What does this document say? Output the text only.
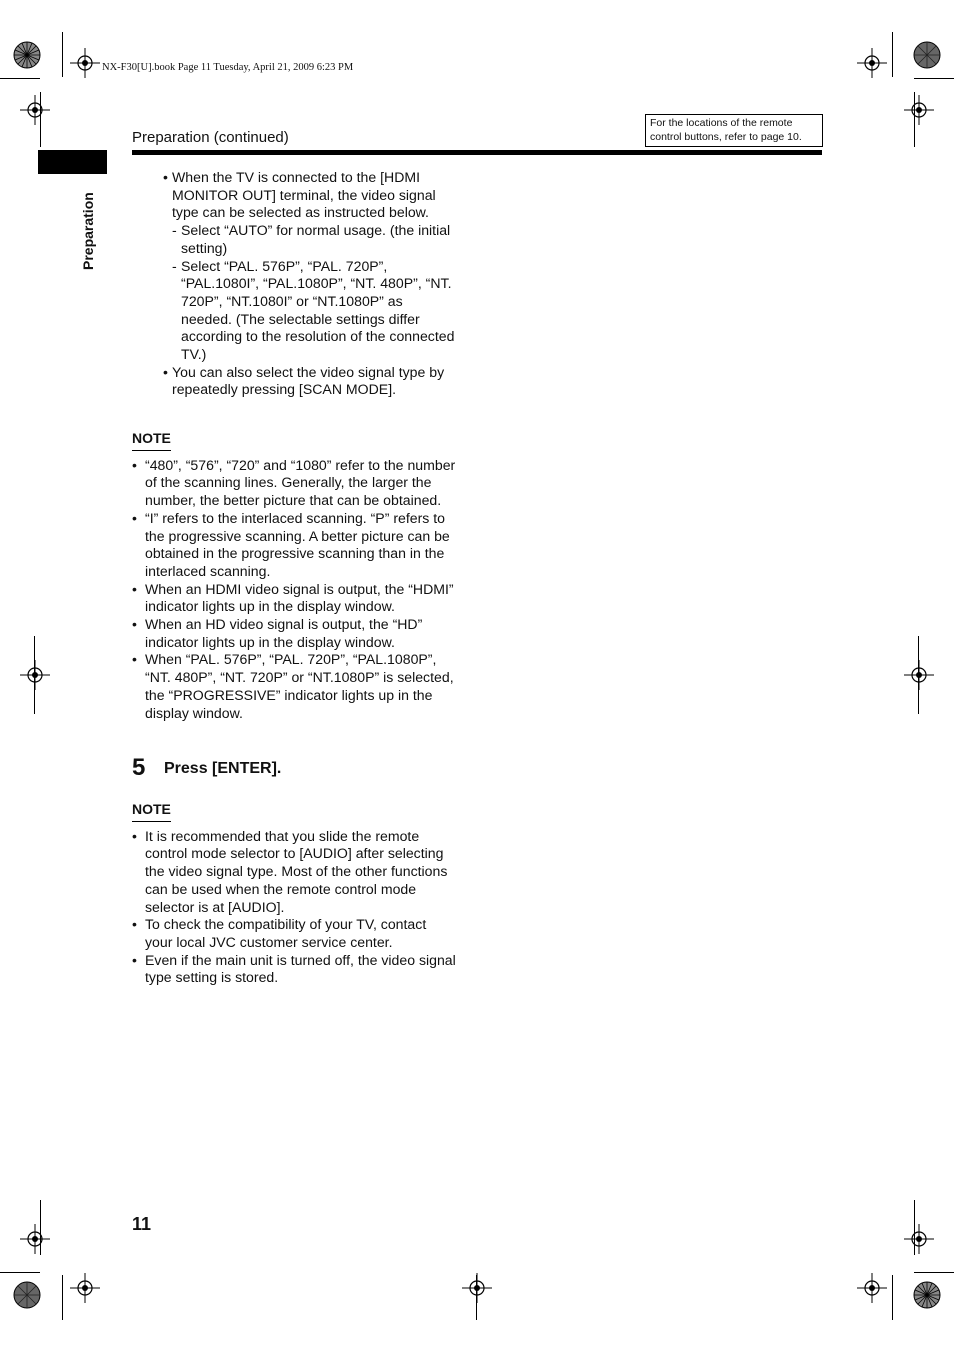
NX-F30[U].book Page 11 Tuesday, April 21, 2009 6:23 PM
Preparation (continued)
For the locations of the remote control buttons, refer to page 10.
Preparation

• When the TV is connected to the [HDMI MONITOR OUT] terminal, the video signal type can be selected as instructed below.

- Select “AUTO” for normal usage. (the initial setting)

- Select “PAL. 576P”, “PAL. 720P”, “PAL.1080I”, “PAL.1080P”, “NT. 480P”, “NT. 720P”, “NT.1080I” or “NT.1080P” as needed. (The selectable settings differ according to the resolution of the connected TV.)

• You can also select the video signal type by repeatedly pressing [SCAN MODE].

NOTE

• “480”, “576”, “720” and “1080” refer to the number of the scanning lines. Generally, the larger the number, the better picture that can be obtained.

• “I” refers to the interlaced scanning. “P” refers to the progressive scanning. A better picture can be obtained in the progressive scanning than in the interlaced scanning.

• When an HDMI video signal is output, the “HDMI” indicator lights up in the display window.

• When an HD video signal is output, the “HD” indicator lights up in the display window.

• When “PAL. 576P”, “PAL. 720P”, “PAL.1080P”, “NT. 480P”, “NT. 720P” or “NT.1080P” is selected, the “PROGRESSIVE” indicator lights up in the display window.

5 Press [ENTER].
NOTE

• It is recommended that you slide the remote control mode selector to [AUDIO] after selecting the video signal type. Most of the other functions can be used when the remote control mode selector is at [AUDIO].

• To check the compatibility of your TV, contact your local JVC customer service center.

• Even if the main unit is turned off, the video signal type setting is stored.

11
